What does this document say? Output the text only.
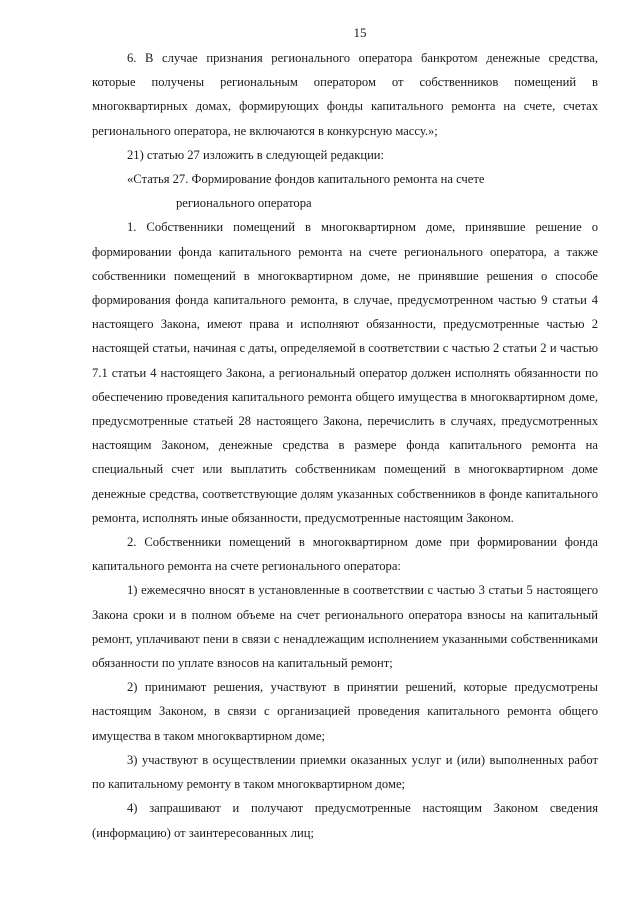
15

6. В случае признания регионального оператора банкротом денежные средства, которые получены региональным оператором от собственников помещений в многоквартирных домах, формирующих фонды капитального ремонта на счете, счетах регионального оператора, не включаются в конкурсную массу.»;

21) статью 27 изложить в следующей редакции:

«Статья 27. Формирование фондов капитального ремонта на счете
регионального оператора

1. Собственники помещений в многоквартирном доме, принявшие решение о формировании фонда капитального ремонта на счете регионального оператора, а также собственники помещений в многоквартирном доме, не принявшие решения о способе формирования фонда капитального ремонта, в случае, предусмотренном частью 9 статьи 4 настоящего Закона, имеют права и исполняют обязанности, предусмотренные частью 2 настоящей статьи, начиная с даты, определяемой в соответствии с частью 2 статьи 2 и частью 7.1 статьи 4 настоящего Закона, а региональный оператор должен исполнять обязанности по обеспечению проведения капитального ремонта общего имущества в многоквартирном доме, предусмотренные статьей 28 настоящего Закона, перечислить в случаях, предусмотренных настоящим Законом, денежные средства в размере фонда капитального ремонта на специальный счет или выплатить собственникам помещений в многоквартирном доме денежные средства, соответствующие долям указанных собственников в фонде капитального ремонта, исполнять иные обязанности, предусмотренные настоящим Законом.

2. Собственники помещений в многоквартирном доме при формировании фонда капитального ремонта на счете регионального оператора:

1) ежемесячно вносят в установленные в соответствии с частью 3 статьи 5 настоящего Закона сроки и в полном объеме на счет регионального оператора взносы на капитальный ремонт, уплачивают пени в связи с ненадлежащим исполнением указанными собственниками обязанности по уплате взносов на капитальный ремонт;

2) принимают решения, участвуют в принятии решений, которые предусмотрены настоящим Законом, в связи с организацией проведения капитального ремонта общего имущества в таком многоквартирном доме;

3) участвуют в осуществлении приемки оказанных услуг и (или) выполненных работ по капитальному ремонту в таком многоквартирном доме;

4) запрашивают и получают предусмотренные настоящим Законом сведения (информацию) от заинтересованных лиц;
